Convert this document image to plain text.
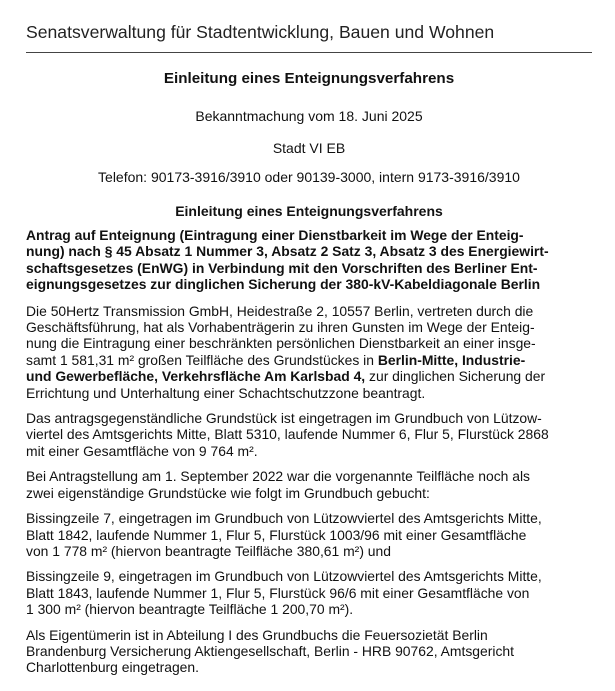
Senatsverwaltung für Stadtentwicklung, Bauen und Wohnen
Einleitung eines Enteignungsverfahrens
Bekanntmachung vom 18. Juni 2025
Stadt VI EB
Telefon: 90173-3916/3910 oder 90139-3000, intern 9173-3916/3910
Einleitung eines Enteignungsverfahrens

Antrag auf Enteignung (Eintragung einer Dienstbarkeit im Wege der Enteig-
nung) nach § 45 Absatz 1 Nummer 3, Absatz 2 Satz 3, Absatz 3 des Energiewirt-
schaftsgesetzes (EnWG) in Verbindung mit den Vorschriften des Berliner Ent-
eignungsgesetzes zur dinglichen Sicherung der 380-kV-Kabeldiagonale Berlin

Die 50Hertz Transmission GmbH, Heidestraße 2, 10557 Berlin, vertreten durch die
Geschäftsführung, hat als Vorhabenträgerin zu ihren Gunsten im Wege der Enteig-
nung die Eintragung einer beschränkten persönlichen Dienstbarkeit an einer insge-
samt 1 581,31 m² großen Teilfläche des Grundstückes in Berlin-Mitte, Industrie-
und Gewerbefläche, Verkehrsfläche Am Karlsbad 4, zur dinglichen Sicherung der
Errichtung und Unterhaltung einer Schachtschutzzone beantragt.

Das antragsgegenständliche Grundstück ist eingetragen im Grundbuch von Lützow-
viertel des Amtsgerichts Mitte, Blatt 5310, laufende Nummer 6, Flur 5, Flurstück 2868
mit einer Gesamtfläche von 9 764 m².

Bei Antragstellung am 1. September 2022 war die vorgenannte Teilfläche noch als
zwei eigenständige Grundstücke wie folgt im Grundbuch gebucht:

Bissingzeile 7, eingetragen im Grundbuch von Lützowviertel des Amtsgerichts Mitte,
Blatt 1842, laufende Nummer 1, Flur 5, Flurstück 1003/96 mit einer Gesamtfläche
von 1 778 m² (hiervon beantragte Teilfläche 380,61 m²) und

Bissingzeile 9, eingetragen im Grundbuch von Lützowviertel des Amtsgerichts Mitte,
Blatt 1843, laufende Nummer 1, Flur 5, Flurstück 96/6 mit einer Gesamtfläche von
1 300 m² (hiervon beantragte Teilfläche 1 200,70 m²).

Als Eigentümerin ist in Abteilung I des Grundbuchs die Feuersozietät Berlin
Brandenburg Versicherung Aktiengesellschaft, Berlin - HRB 90762, Amtsgericht
Charlottenburg eingetragen.
